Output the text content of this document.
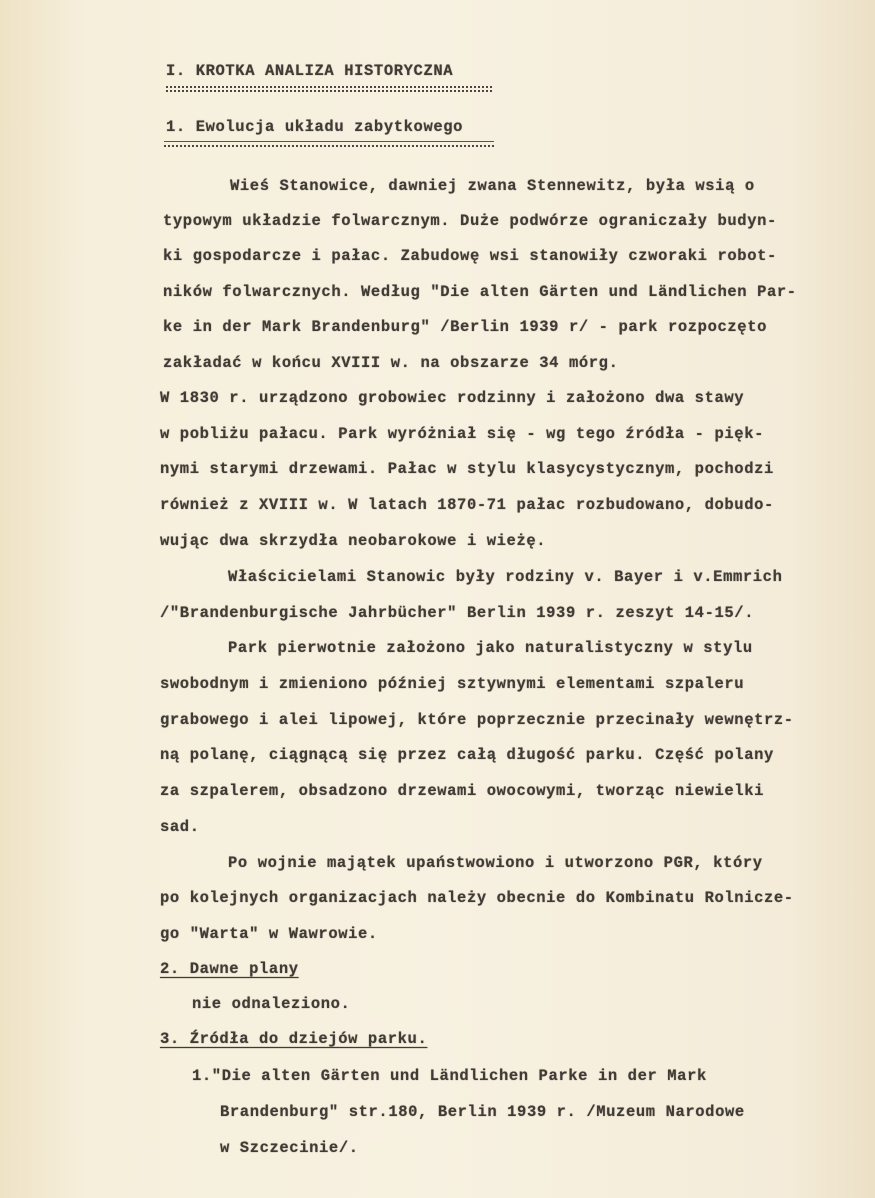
I. KROTKA ANALIZA HISTORYCZNA
1. Ewolucja układu zabytkowego
Wieś Stanowice, dawniej zwana Stennewitz, była wsią o
typowym układzie folwarcznym. Duże podwórze ograniczały budyn-
ki gospodarcze i pałac. Zabudowę wsi stanowiły czworaki robot-
ników folwarcznych. Według "Die alten Gärten und Ländlichen Par-
ke in der Mark Brandenburg" /Berlin 1939 r/ - park rozpoczęto
zakładać w końcu XVIII w. na obszarze 34 mórg.
W 1830 r. urządzono grobowiec rodzinny i założono dwa stawy
w pobliżu pałacu. Park wyróżniał się - wg tego źródła - pięk-
nymi starymi drzewami. Pałac w stylu klasycystycznym, pochodzi
również z XVIII w. W latach 1870-71 pałac rozbudowano, dobudo-
wując dwa skrzydła neobarokowe i wieżę.
Właścicielami Stanowic były rodziny v. Bayer i v.Emmrich
/"Brandenburgische Jahrbücher" Berlin 1939 r. zeszyt 14-15/.
Park pierwotnie założono jako naturalistyczny w stylu
swobodnym i zmieniono później sztywnymi elementami szpaleru
grabowego i alei lipowej, które poprzecznie przecinały wewnętrz-
ną polanę, ciągnącą się przez całą długość parku. Część polany
za szpalerem, obsadzono drzewami owocowymi, tworząc niewielki
sad.
Po wojnie majątek upaństwowiono i utworzono PGR, który
po kolejnych organizacjach należy obecnie do Kombinatu Rolnicze-
go "Warta" w Wawrowie.
2. Dawne plany
nie odnaleziono.
3. Źródła do dziejów parku.
1."Die alten Gärten und Ländlichen Parke in der Mark
Brandenburg" str.180, Berlin 1939 r. /Muzeum Narodowe
w Szczecinie/.
